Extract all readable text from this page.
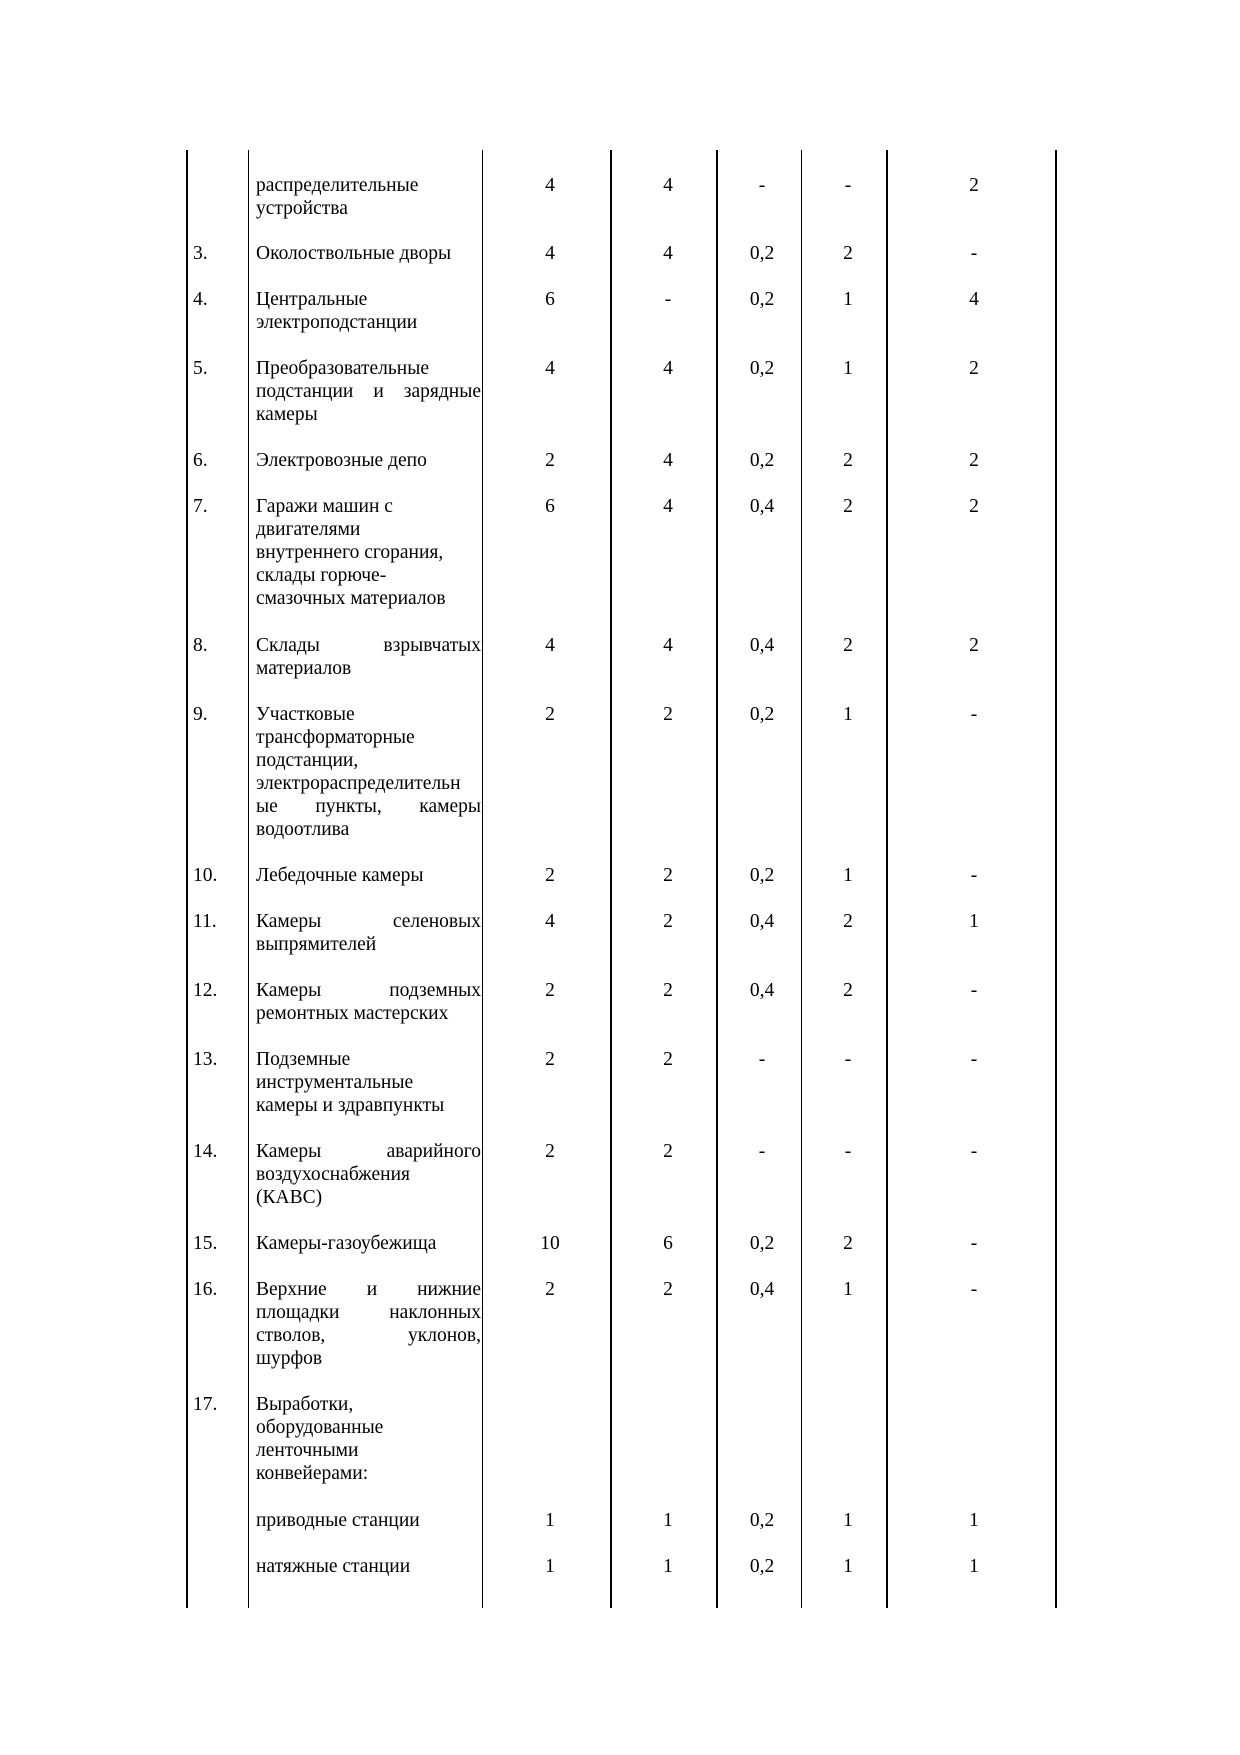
распределительные
устройства
4	4	-	-	2
3.	Околоствольные дворы	4	4	0,2	2	-
4.	Центральные
электроподстанции
6	-	0,2	1	4
5.	Преобразовательные
подстанции и зарядные
камеры
4	4	0,2	1	2
6.	Электровозные депо	2	4	0,2	2	2
7.	Гаражи машин с
двигателями
внутреннего сгорания,
склады горюче-
смазочных материалов
6	4	0,4	2	2
8.	Склады взрывчатых
материалов
4	4	0,4	2	2
9.	Участковые
трансформаторные
подстанции,
электрораспределительн
ые пункты, камеры
водоотлива
2	2	0,2	1	-
10.	Лебедочные камеры	2	2	0,2	1	-
11.	Камеры селеновых
выпрямителей
4	2	0,4	2	1
12.	Камеры подземных
ремонтных мастерских
2	2	0,4	2	-
13.	Подземные
инструментальные
камеры и здравпункты
2	2	-	-	-
14.	Камеры аварийного
воздухоснабжения
(КАВС)
2	2	-	-	-
15.	Камеры-газоубежища	10	6	0,2	2	-
16.	Верхние и нижние
площадки наклонных
стволов, уклонов,
шурфов
2	2	0,4	1	-
17.	Выработки,
оборудованные
ленточными
конвейерами:
приводные станции	1	1	0,2	1	1
натяжные станции	1	1	0,2	1	1
